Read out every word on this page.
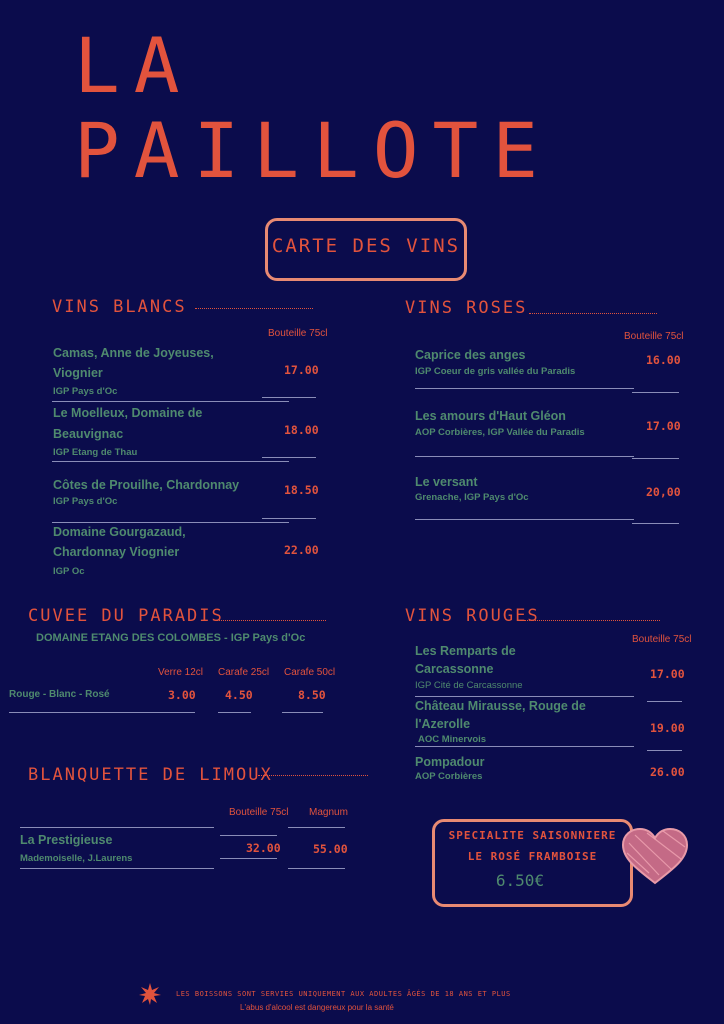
LA
PAILLOTE
CARTE DES VINS
VINS BLANCS
Bouteille 75cl
Camas, Anne de Joyeuses,
Viognier
IGP Pays d'Oc
17.00
Le Moelleux, Domaine de
Beauvignac
IGP Etang de Thau
18.00
Côtes de Prouilhe, Chardonnay
IGP Pays d'Oc
18.50
Domaine Gourgazaud,
Chardonnay Viognier
IGP Oc
22.00
VINS ROSES
Bouteille 75cl
Caprice des anges
IGP Coeur de gris vallée du Paradis
16.00
Les amours d'Haut Gléon
AOP Corbières, IGP Vallée du Paradis	17.00
Le versant
Grenache, IGP Pays d'Oc	20,00
CUVEE DU PARADIS
DOMAINE ETANG DES COLOMBES - IGP Pays d'Oc
Verre 12cl Carafe 25cl Carafe 50cl
Rouge - Blanc - Rosé	3.00	4.50	8.50
VINS ROUGES
Bouteille 75cl
Les Remparts de
Carcassonne
IGP Cité de Carcassonne
17.00
Château Mirausse, Rouge de
l'Azerolle
AOC Minervois
19.00
Pompadour
AOP Corbières	26.00
BLANQUETTE DE LIMOUX
Bouteille 75cl Magnum
La Prestigieuse
Mademoiselle, J.Laurens
32.00	55.00
SPECIALITE SAISONNIERE
LE ROSÉ FRAMBOISE
6.50€
LES BOISSONS SONT SERVIES UNIQUEMENT AUX ADULTES ÂGÉS DE 18 ANS ET PLUS
L'abus d'alcool est dangereux pour la santé
